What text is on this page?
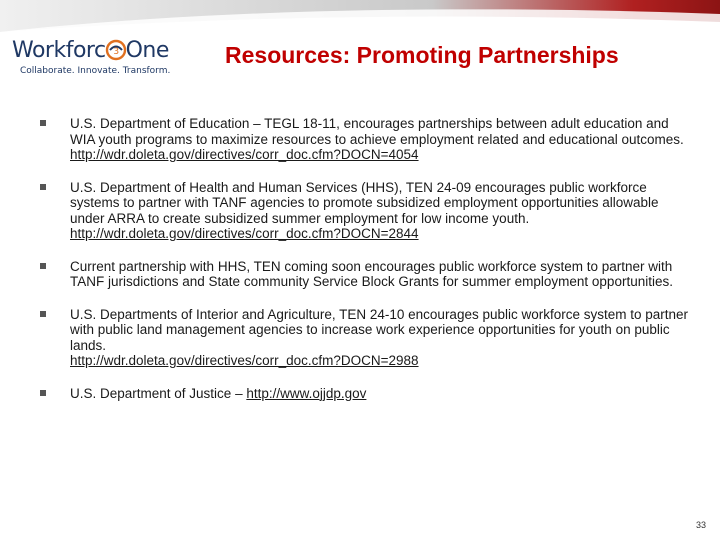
Workforc 3 One
Collaborate. Innovate. Transform.
Resources: Promoting Partnerships
U.S. Department of Education – TEGL 18-11, encourages partnerships between adult education and WIA youth programs to maximize resources to achieve employment related and educational outcomes.
http://wdr.doleta.gov/directives/corr_doc.cfm?DOCN=4054
U.S. Department of Health and Human Services (HHS), TEN 24-09 encourages public workforce systems to partner with TANF agencies to promote subsidized employment opportunities allowable under ARRA to create subsidized summer employment for low income youth.
http://wdr.doleta.gov/directives/corr_doc.cfm?DOCN=2844
Current partnership with HHS, TEN coming soon encourages public workforce system to partner with TANF jurisdictions and State community Service Block Grants for summer employment opportunities.
U.S. Departments of Interior and Agriculture, TEN 24-10 encourages public workforce system to partner with public land management agencies to increase work experience opportunities for youth on public lands.
http://wdr.doleta.gov/directives/corr_doc.cfm?DOCN=2988
U.S. Department of Justice – http://www.ojjdp.gov
33
